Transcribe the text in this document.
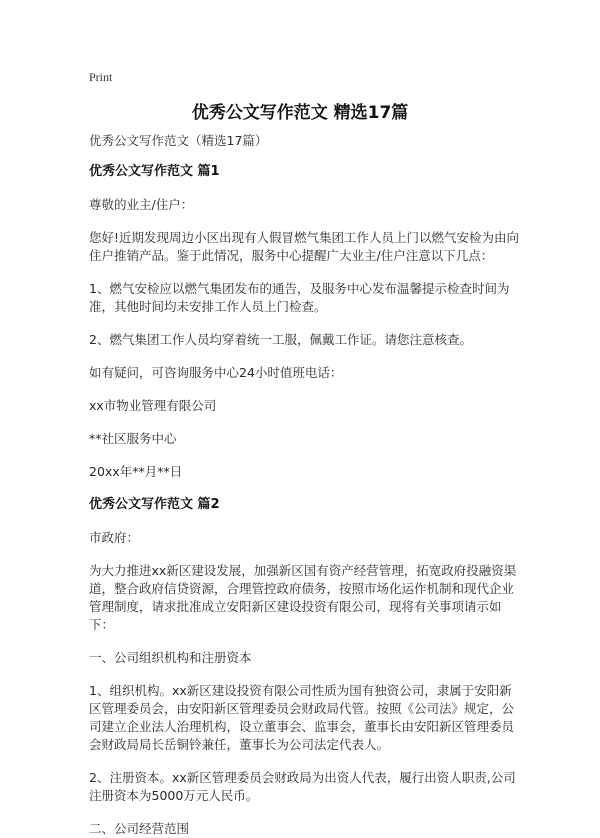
Print
优秀公文写作范文 精选17篇

优秀公文写作范文（精选17篇）

优秀公文写作范文 篇1

尊敬的业主/住户：

您好!近期发现周边小区出现有人假冒燃气集团工作人员上门以燃气安检为由向住户推销产品。鉴于此情况，服务中心提醒广大业主/住户注意以下几点：

1、燃气安检应以燃气集团发布的通告，及服务中心发布温馨提示检查时间为准，其他时间均未安排工作人员上门检查。

2、燃气集团工作人员均穿着统一工服，佩戴工作证。请您注意核查。

如有疑问，可咨询服务中心24小时值班电话：

xx市物业管理有限公司

**社区服务中心

20xx年**月**日

优秀公文写作范文 篇2

市政府：

为大力推进xx新区建设发展，加强新区国有资产经营管理，拓宽政府投融资渠道，整合政府信贷资源，合理管控政府债务，按照市场化运作机制和现代企业管理制度，请求批准成立安阳新区建设投资有限公司，现将有关事项请示如下：

一、公司组织机构和注册资本

1、组织机构。xx新区建设投资有限公司性质为国有独资公司，隶属于安阳新区管理委员会，由安阳新区管理委员会财政局代管。按照《公司法》规定，公司建立企业法人治理机构，设立董事会、监事会，董事长由安阳新区管理委员会财政局局长岳铜铃兼任，董事长为公司法定代表人。

2、注册资本。xx新区管理委员会财政局为出资人代表，履行出资人职责,公司注册资本为5000万元人民币。

二、公司经营范围
